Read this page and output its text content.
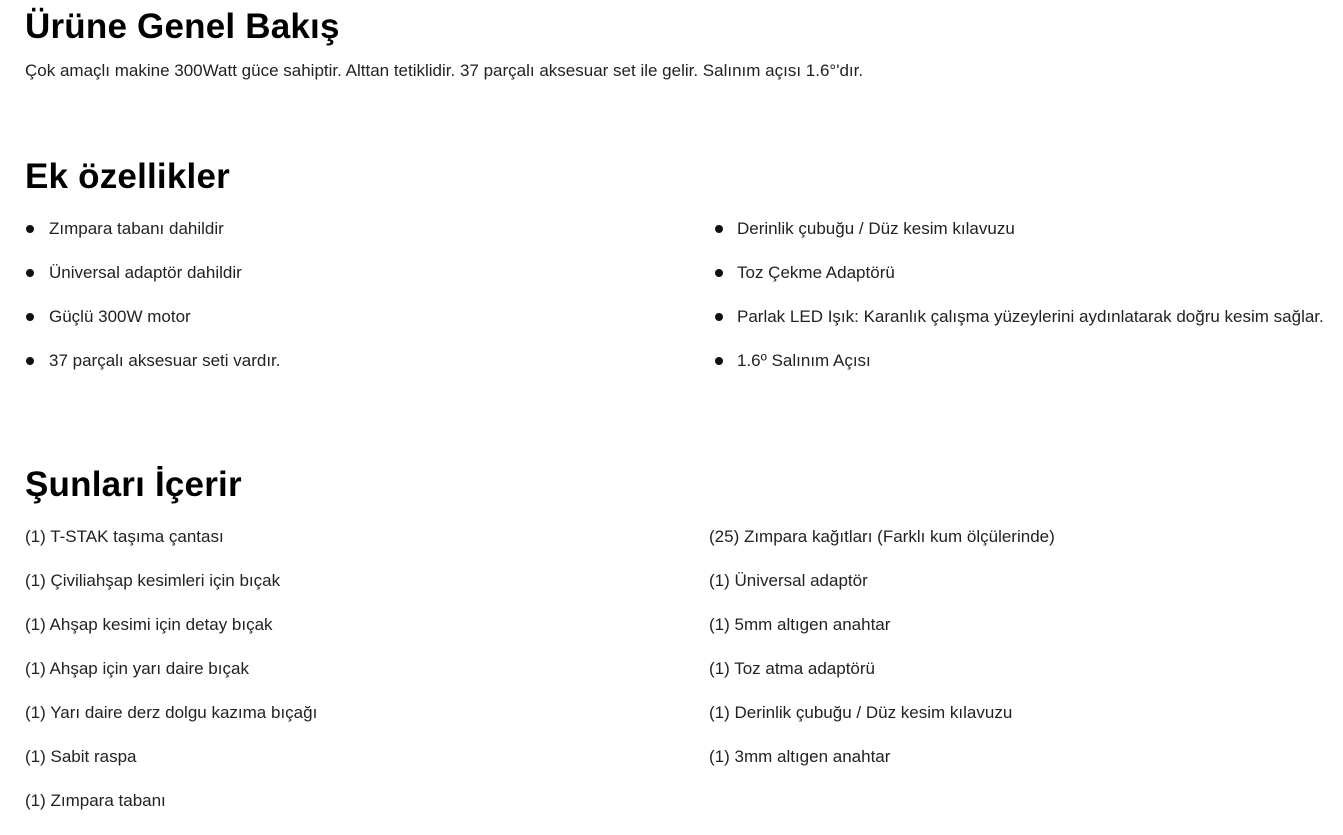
Ürüne Genel Bakış

Çok amaçlı makine 300Watt güce sahiptir. Alttan tetiklidir. 37 parçalı aksesuar set ile gelir. Salınım açısı 1.6°'dır.

Ek özellikler
Zımpara tabanı dahildir
Üniversal adaptör dahildir
Güçlü 300W motor
37 parçalı aksesuar seti vardır.
Derinlik çubuğu / Düz kesim kılavuzu
Toz Çekme Adaptörü
Parlak LED Işık: Karanlık çalışma yüzeylerini aydınlatarak doğru kesim sağlar.
1.6º Salınım Açısı
Şunları İçerir
(1) T-STAK taşıma çantası
(1) Çiviliahşap kesimleri için bıçak
(1) Ahşap kesimi için detay bıçak
(1) Ahşap için yarı daire bıçak
(1) Yarı daire derz dolgu kazıma bıçağı
(1) Sabit raspa
(1) Zımpara tabanı
(25) Zımpara kağıtları (Farklı kum ölçülerinde)
(1) Üniversal adaptör
(1) 5mm altıgen anahtar
(1) Toz atma adaptörü
(1) Derinlik çubuğu / Düz kesim kılavuzu
(1) 3mm altıgen anahtar
